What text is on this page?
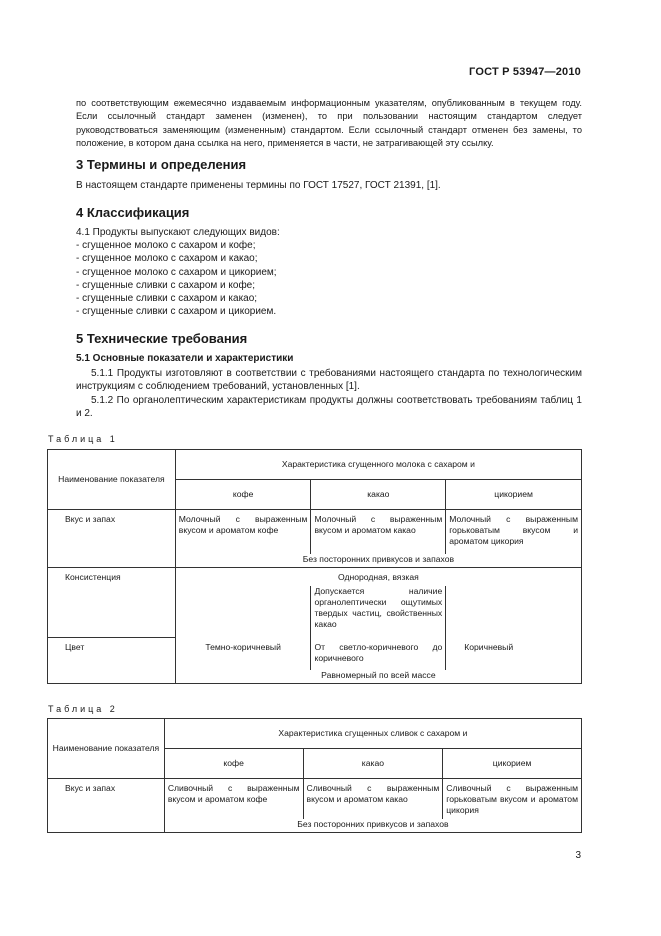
ГОСТ Р 53947—2010
по соответствующим ежемесячно издаваемым информационным указателям, опубликованным в текущем году. Если ссылочный стандарт заменен (изменен), то при пользовании настоящим стандартом следует руководствоваться заменяющим (измененным) стандартом. Если ссылочный стандарт отменен без замены, то положение, в котором дана ссылка на него, применяется в части, не затрагивающей эту ссылку.
3 Термины и определения

В настоящем стандарте применены термины по ГОСТ 17527, ГОСТ 21391, [1].

4 Классификация

4.1 Продукты выпускают следующих видов:

- сгущенное молоко с сахаром и кофе;
- сгущенное молоко с сахаром и какао;
- сгущенное молоко с сахаром и цикорием;
- сгущенные сливки с сахаром и кофе;
- сгущенные сливки с сахаром и какао;
- сгущенные сливки с сахаром и цикорием.
5 Технические требования
5.1 Основные показатели и характеристики

5.1.1 Продукты изготовляют в соответствии с требованиями настоящего стандарта по технологическим инструкциям с соблюдением требований, установленных [1].

5.1.2 По органолептическим характеристикам продукты должны соответствовать требованиям таблиц 1 и 2.

Таблица 1
Наименование показателя	Характеристика сгущенного молока с сахаром и		
	кофе	какао	цикорием
Вкус и запах	Молочный с выраженным вкусом и ароматом кофе	Молочный с выраженным вкусом и ароматом какао	Молочный с выраженным горьковатым вкусом и ароматом цикория
	Без посторонних привкусов и запахов		
Консистенция	Однородная, вязкая		
		Допускается наличие органолептически ощутимых твердых частиц, свойственных какао	
Цвет	Темно-коричневый	От светло-коричневого до коричневого	Коричневый
	Равномерный по всей массе		
Таблица 2
Наименование показателя	Характеристика сгущенных сливок с сахаром и		
	кофе	какао	цикорием
Вкус и запах	Сливочный с выраженным вкусом и ароматом кофе	Сливочный с выраженным вкусом и ароматом какао	Сливочный с выраженным горьковатым вкусом и ароматом цикория
	Без посторонних привкусов и запахов		
3
